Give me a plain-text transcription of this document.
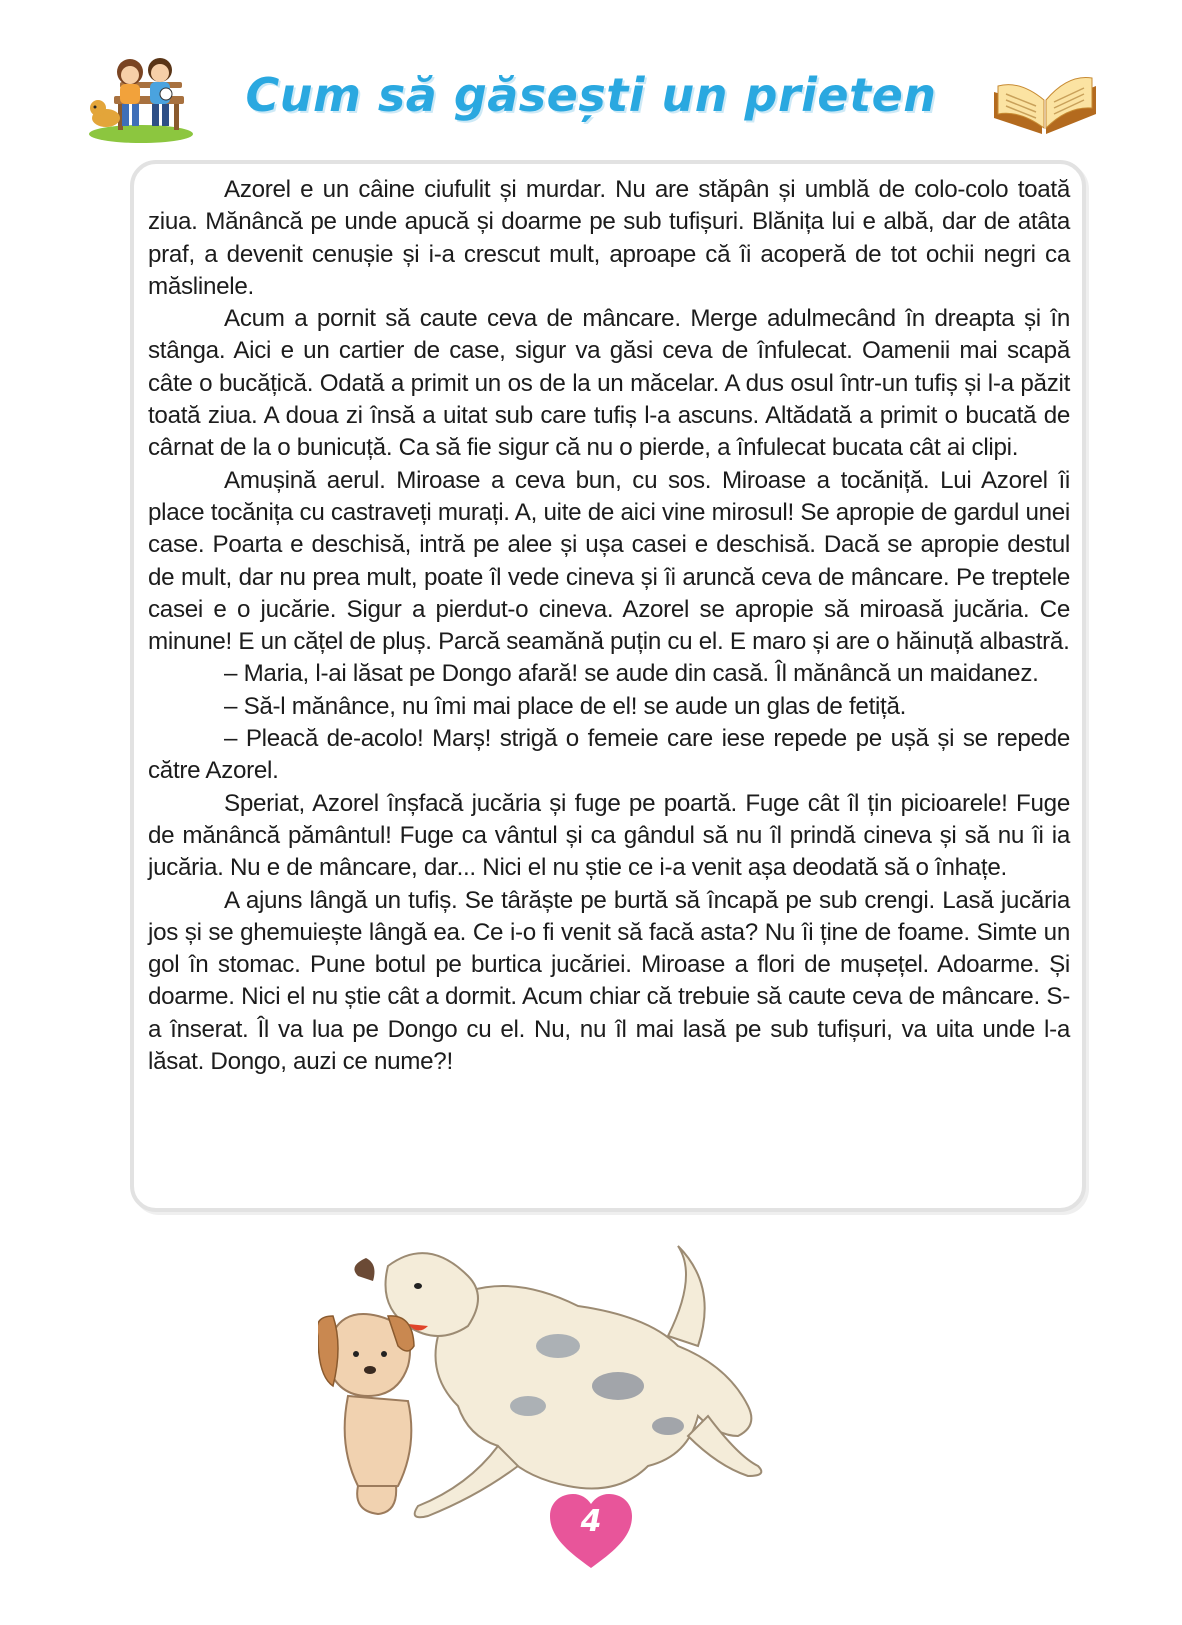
Cum să găsești un prieten

Azorel e un câine ciufulit și murdar. Nu are stăpân și umblă de colo-colo toată ziua. Mănâncă pe unde apucă și doarme pe sub tufișuri. Blănița lui e albă, dar de atâta praf, a devenit cenușie și i-a crescut mult, aproape că îi acoperă de tot ochii negri ca măslinele.

Acum a pornit să caute ceva de mâncare. Merge adulmecând în dreapta și în stânga. Aici e un cartier de case, sigur va găsi ceva de înfulecat. Oamenii mai scapă câte o bucățică. Odată a primit un os de la un măcelar. A dus osul într-un tufiș și l-a păzit toată ziua. A doua zi însă a uitat sub care tufiș l-a ascuns. Altădată a primit o bucată de cârnat de la o bunicuță. Ca să fie sigur că nu o pierde, a înfulecat bucata cât ai clipi.

Amușină aerul. Miroase a ceva bun, cu sos. Miroase a tocăniță. Lui Azorel îi place tocănița cu castraveți murați. A, uite de aici vine mirosul! Se apropie de gardul unei case. Poarta e deschisă, intră pe alee și ușa casei e deschisă. Dacă se apropie destul de mult, dar nu prea mult, poate îl vede cineva și îi aruncă ceva de mâncare. Pe treptele casei e o jucărie. Sigur a pierdut-o cineva. Azorel se apropie să miroasă jucăria. Ce minune! E un cățel de pluș. Parcă seamănă puțin cu el. E maro și are o hăinuță albastră.

– Maria, l-ai lăsat pe Dongo afară! se aude din casă. Îl mănâncă un maidanez.

– Să-l mănânce, nu îmi mai place de el! se aude un glas de fetiță.

– Pleacă de-acolo! Marș! strigă o femeie care iese repede pe ușă și se repede către Azorel.

Speriat, Azorel înșfacă jucăria și fuge pe poartă. Fuge cât îl țin picioarele! Fuge de mănâncă pământul! Fuge ca vântul și ca gândul să nu îl prindă cineva și să nu îi ia jucăria. Nu e de mâncare, dar... Nici el nu știe ce i-a venit așa deodată să o înhațe.

A ajuns lângă un tufiș. Se târăște pe burtă să încapă pe sub crengi. Lasă jucăria jos și se ghemuiește lângă ea. Ce i-o fi venit să facă asta? Nu îi ține de foame. Simte un gol în stomac. Pune botul pe burtica jucăriei. Miroase a flori de mușețel. Adoarme. Și doarme. Nici el nu știe cât a dormit. Acum chiar că trebuie să caute ceva de mâncare. S-a înserat. Îl va lua pe Dongo cu el. Nu, nu îl mai lasă pe sub tufișuri, va uita unde l-a lăsat. Dongo, auzi ce nume?!

4
